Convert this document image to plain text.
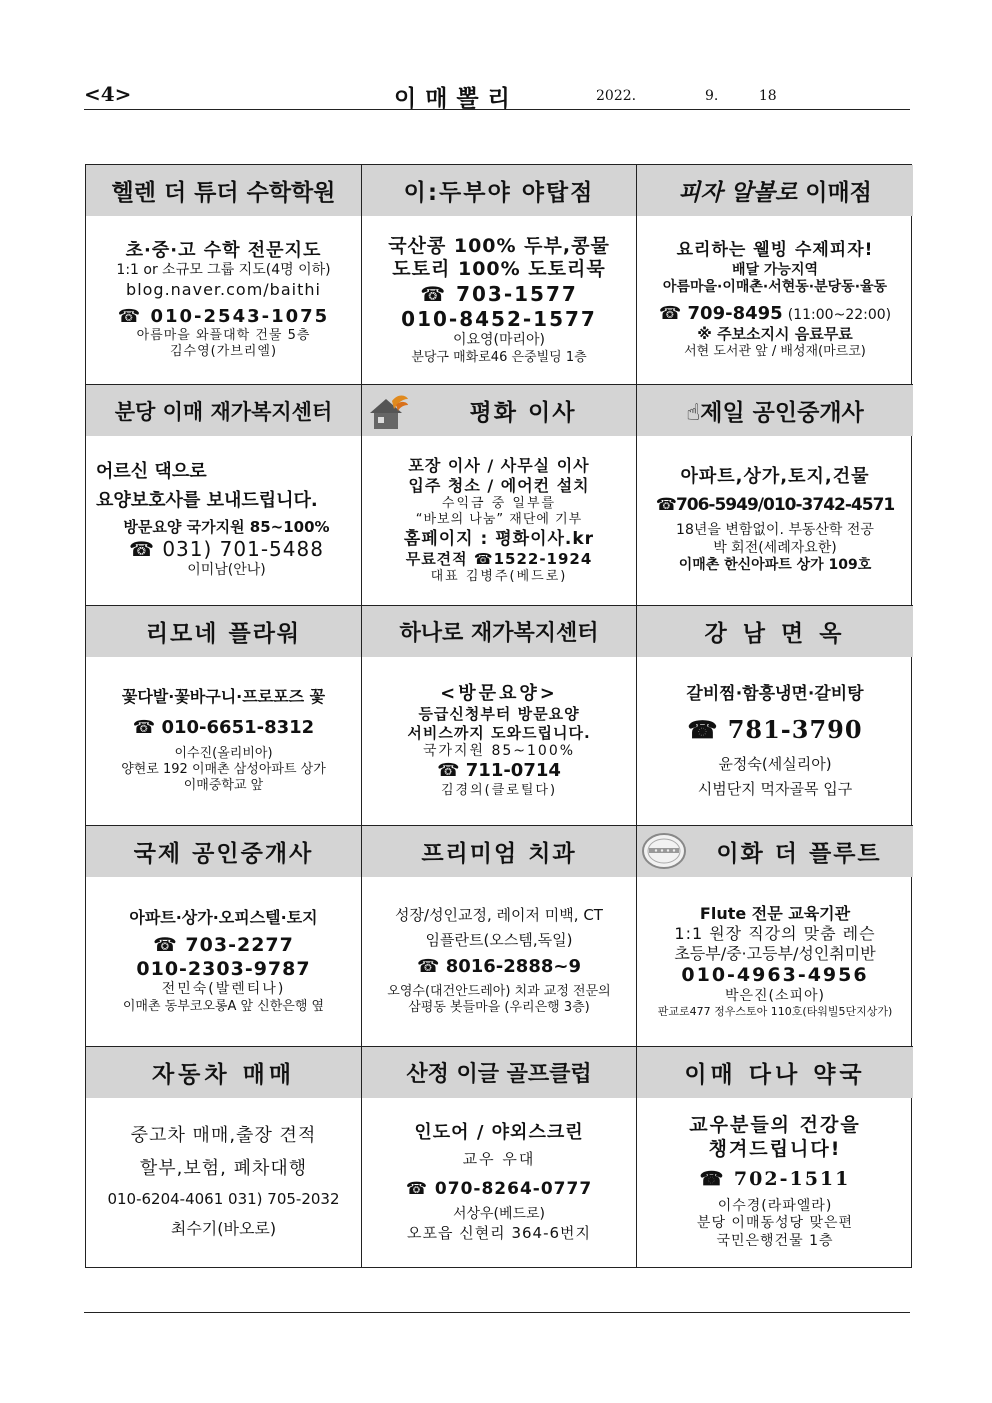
<4>	이매뽈리	2022.	9.	18
헬렌 더 튜더 수학학원
초·중·고 수학 전문지도
1:1 or 소규모 그룹 지도(4명 이하)
blog.naver.com/baithi
☎ 010-2543-1075
아름마을 와플대학 건물 5층
김수영(가브리엘)
이:두부야 야탑점
국산콩 100% 두부,콩물
도토리 100% 도토리묵
☎ 703-1577
010-8452-1577
이요영(마리아)
분당구 매화로46 은중빌딩 1층
피자 알볼로
이매점
요리하는 웰빙 수제피자!
배달 가능지역
아름마을·이매촌·서현동·분당동·율동
☎ 709-8495 (11:00~22:00)
※ 주보소지시 음료무료
서현 도서관 앞 / 배성재(마르코)
분당 이매 재가복지센터
어르신 댁으로
요양보호사를 보내드립니다.
방문요양 국가지원 85~100%
☎ 031) 701-5488
이미남(안나)
평화 이사
포장 이사 / 사무실 이사
입주 청소 / 에어컨 설치
수익금 중 일부를
“바보의 나눔” 재단에 기부
홈페이지 : 평화이사.kr
무료견적 ☎1522-1924
대표 김병주(베드로)
☝제일 공인중개사
아파트,상가,토지,건물
☎706-5949/010-3742-4571
18년을 변함없이. 부동산학 전공
박 회전(세례자요한)
이매촌 한신아파트 상가 109호
리모네 플라워
꽃다발·꽃바구니·프로포즈 꽃
☎ 010-6651-8312
이수진(올리비아)
양현로 192 이매촌 삼성아파트 상가
이매중학교 앞
하나로 재가복지센터
<방문요양>
등급신청부터 방문요양
서비스까지 도와드립니다.
국가지원 85~100%
☎ 711-0714
김경의(클로틸다)
강 남 면 옥
갈비찜·함흥냉면·갈비탕
☎ 781-3790
윤정숙(세실리아)
시범단지 먹자골목 입구
국제 공인중개사
아파트·상가·오피스텔·토지
☎ 703-2277
010-2303-9787
전민숙(발렌티나)
이매촌 동부코오롱A 앞 신한은행 옆
프리미엄 치과
성장/성인교정, 레이저 미백, CT
임플란트(오스템,독일)
☎ 8016-2888~9
오영수(대건안드레아) 치과 교정 전문의
삼평동 봇들마을 (우리은행 3층)
이화 더 플루트
Flute 전문 교육기관
1:1 원장 직강의 맞춤 레슨
초등부/중·고등부/성인취미반
010-4963-4956
박은진(소피아)
판교로477 정우스토아 110호(타워빌5단지상가)
자동차 매매
중고차 매매,출장 견적
할부,보험, 폐차대행
010-6204-4061 031) 705-2032
최수기(바오로)
산정 이글 골프클럽
인도어 / 야외스크린
교우 우대
☎ 070-8264-0777
서상우(베드로)
오포읍 신현리 364-6번지
이매 다나 약국
교우분들의 건강을
챙겨드립니다!
☎ 702-1511
이수경(라파엘라)
분당 이매동성당 맞은편
국민은행건물 1층
